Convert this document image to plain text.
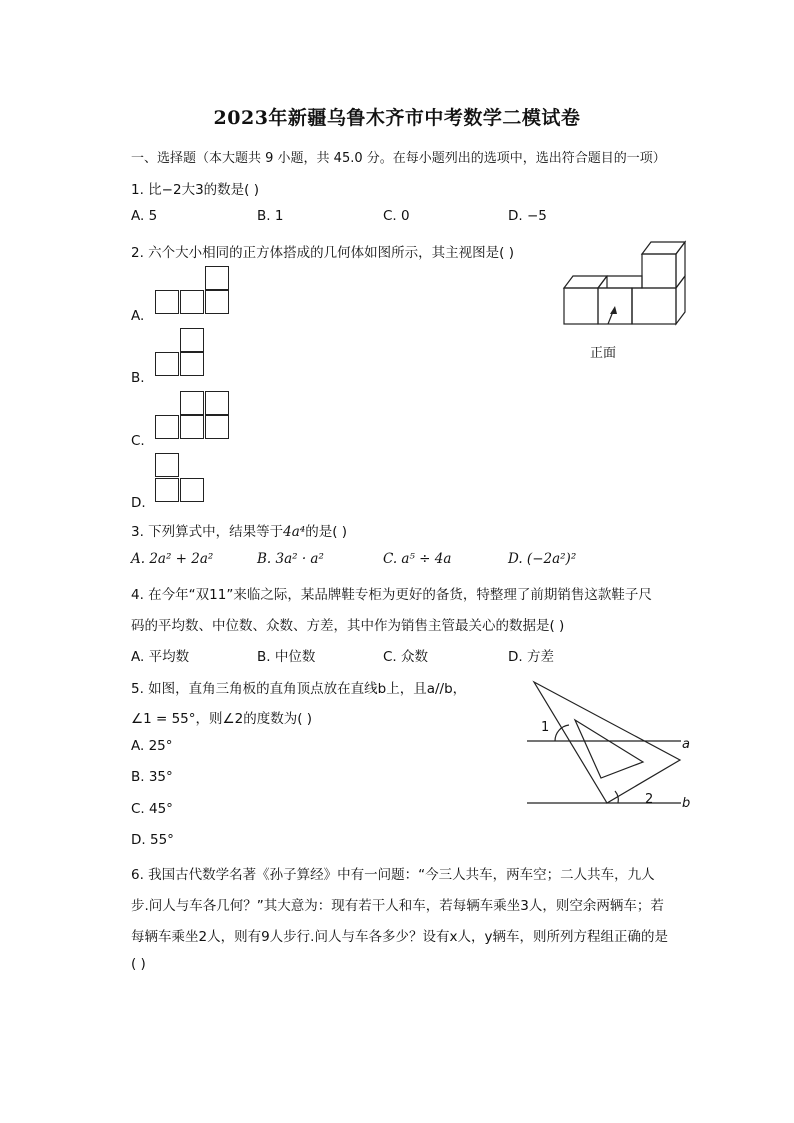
2023年新疆乌鲁木齐市中考数学二模试卷
一、选择题（本大题共 9 小题，共 45.0 分。在每小题列出的选项中，选出符合题目的一项）
1. 比−2大3的数是( )
A. 5	B. 1	C. 0	D. −5
2. 六个大小相同的正方体搭成的几何体如图所示，其主视图是( )
A.
B.
C.
D.
正面
3. 下列算式中，结果等于4a⁴的是( )
A. 2a² + 2a²	B. 3a² · a²	C. a⁵ ÷ 4a	D. (−2a²)²
4. 在今年“双11”来临之际，某品牌鞋专柜为更好的备货，特整理了前期销售这款鞋子尺
码的平均数、中位数、众数、方差，其中作为销售主管最关心的数据是( )
A. 平均数	B. 中位数	C. 众数	D. 方差
5. 如图，直角三角板的直角顶点放在直线b上，且a//b，
∠1 = 55°，则∠2的度数为( )
A. 25°
B. 35°
C. 45°
D. 55°
1
2
a
b
6. 我国古代数学名著《孙子算经》中有一问题：“今三人共车，两车空；二人共车，九人
步.问人与车各几何？”其大意为：现有若干人和车，若每辆车乘坐3人，则空余两辆车；若
每辆车乘坐2人，则有9人步行.问人与车各多少？设有x人，y辆车，则所列方程组正确的是
( )
